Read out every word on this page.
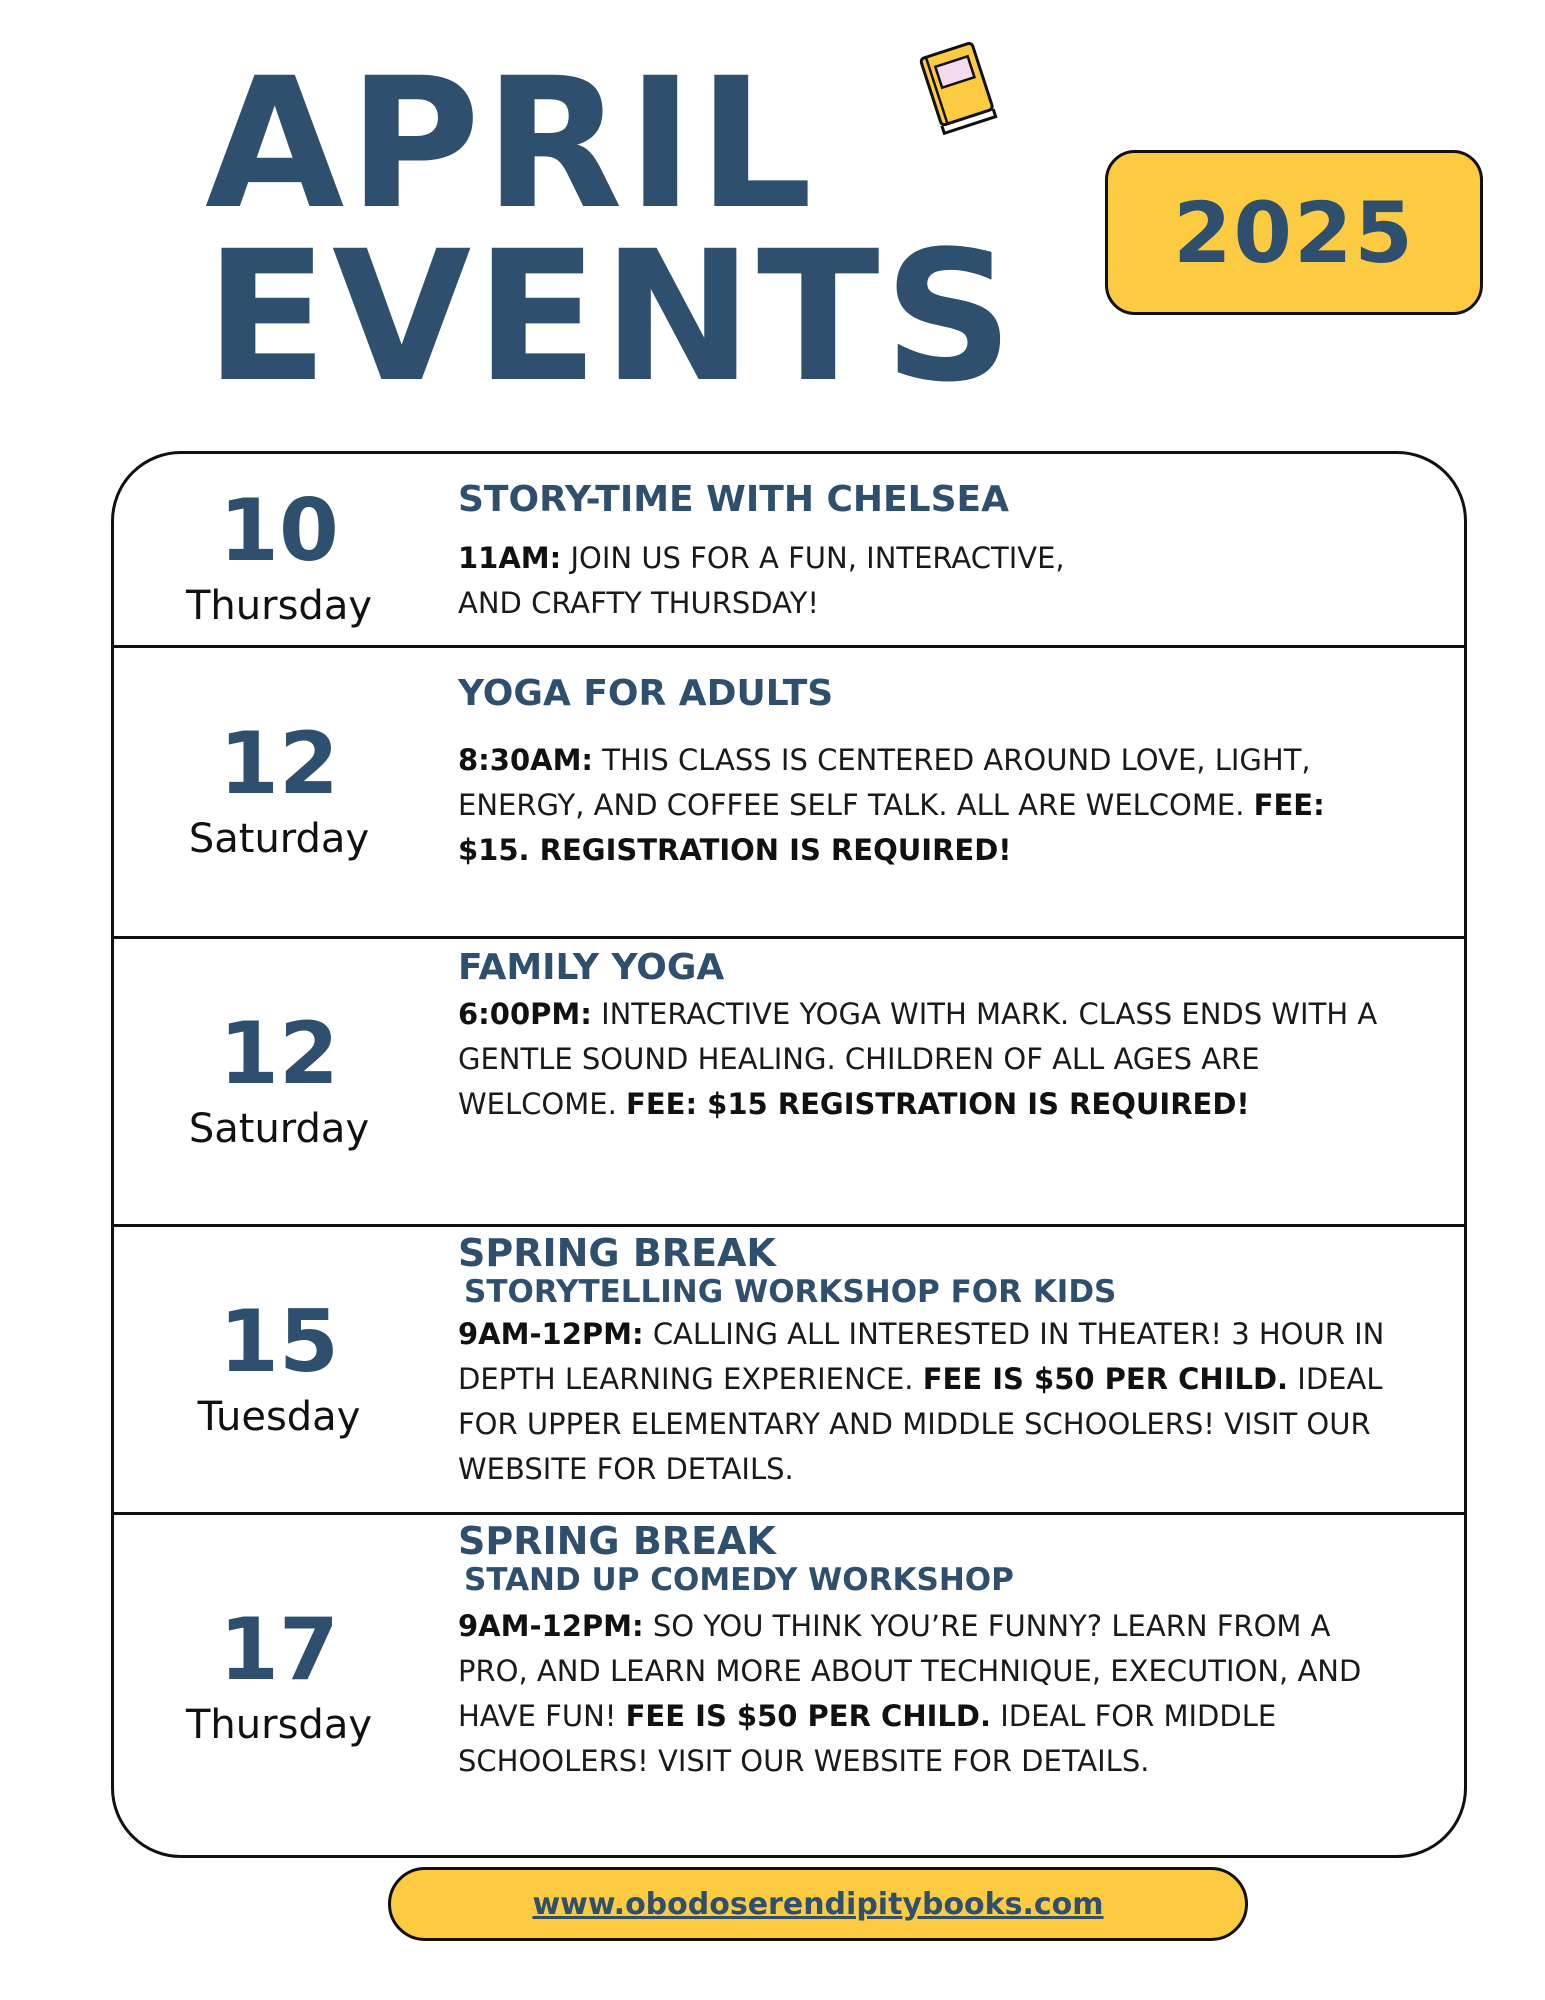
APRIL
EVENTS	2025
10
Thursday
STORY-TIME WITH CHELSEA
11AM: JOIN US FOR A FUN, INTERACTIVE,
AND CRAFTY THURSDAY!
12
Saturday
YOGA FOR ADULTS
8:30AM: THIS CLASS IS CENTERED AROUND LOVE, LIGHT, ENERGY, AND COFFEE SELF TALK. ALL ARE WELCOME. FEE: $15. REGISTRATION IS REQUIRED!
12
Saturday
FAMILY YOGA
6:00PM: INTERACTIVE YOGA WITH MARK. CLASS ENDS WITH A GENTLE SOUND HEALING. CHILDREN OF ALL AGES ARE WELCOME. FEE: $15 REGISTRATION IS REQUIRED!
15
Tuesday
SPRING BREAK
STORYTELLING WORKSHOP FOR KIDS
9AM-12PM: CALLING ALL INTERESTED IN THEATER! 3 HOUR IN DEPTH LEARNING EXPERIENCE. FEE IS $50 PER CHILD. IDEAL FOR UPPER ELEMENTARY AND MIDDLE SCHOOLERS! VISIT OUR WEBSITE FOR DETAILS.
17
Thursday
SPRING BREAK
STAND UP COMEDY WORKSHOP
9AM-12PM: SO YOU THINK YOU’RE FUNNY? LEARN FROM A PRO, AND LEARN MORE ABOUT TECHNIQUE, EXECUTION, AND HAVE FUN! FEE IS $50 PER CHILD. IDEAL FOR MIDDLE SCHOOLERS! VISIT OUR WEBSITE FOR DETAILS.
www.obodoserendipitybooks.com
